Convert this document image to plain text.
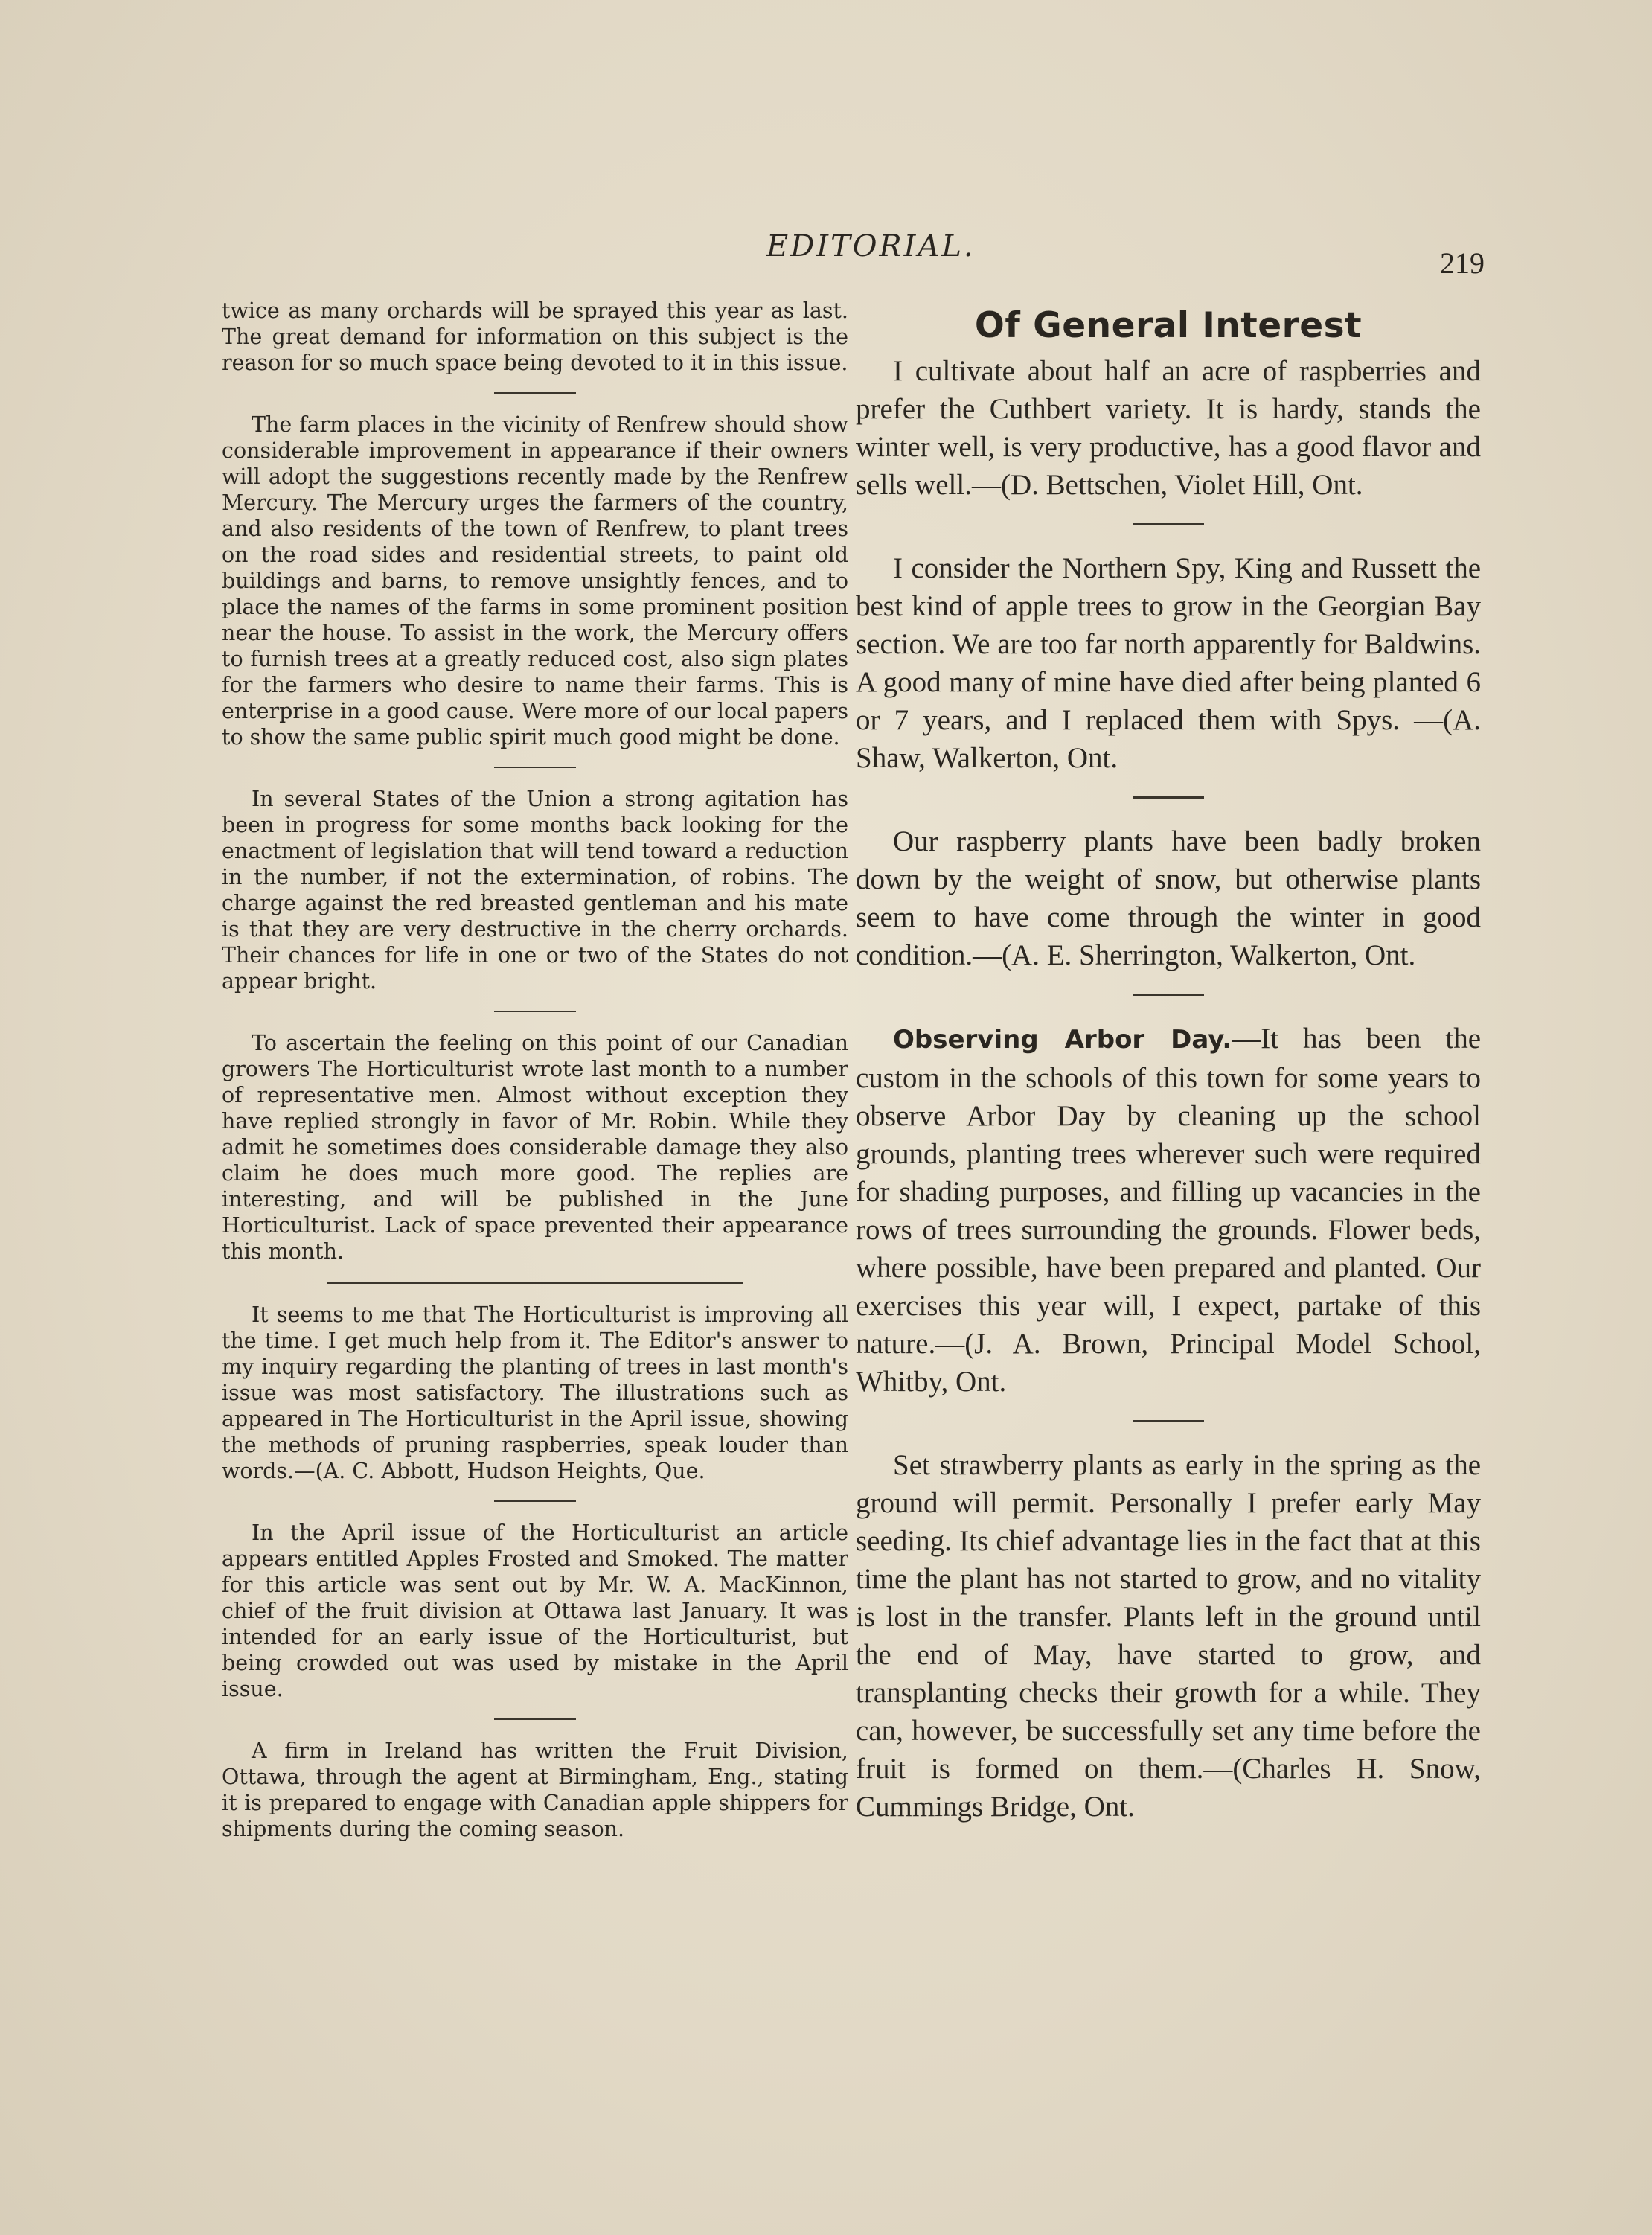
EDITORIAL.	219

twice as many orchards will be sprayed this year as last. The great demand for information on this subject is the reason for so much space being devoted to it in this issue.

The farm places in the vicinity of Renfrew should show considerable improvement in appearance if their owners will adopt the suggestions recently made by the Renfrew Mercury. The Mercury urges the farmers of the country, and also residents of the town of Renfrew, to plant trees on the road sides and residential streets, to paint old buildings and barns, to remove unsightly fences, and to place the names of the farms in some prominent position near the house. To assist in the work, the Mercury offers to furnish trees at a greatly reduced cost, also sign plates for the farmers who desire to name their farms. This is enterprise in a good cause. Were more of our local papers to show the same public spirit much good might be done.

In several States of the Union a strong agitation has been in progress for some months back looking for the enactment of legislation that will tend toward a reduction in the number, if not the extermination, of robins. The charge against the red breasted gentleman and his mate is that they are very destructive in the cherry orchards. Their chances for life in one or two of the States do not appear bright.

To ascertain the feeling on this point of our Canadian growers The Horticulturist wrote last month to a number of representative men. Almost without exception they have replied strongly in favor of Mr. Robin. While they admit he sometimes does considerable damage they also claim he does much more good. The replies are interesting, and will be published in the June Horticulturist. Lack of space prevented their appearance this month.

It seems to me that The Horticulturist is improving all the time. I get much help from it. The Editor's answer to my inquiry regarding the planting of trees in last month's issue was most satisfactory. The illustrations such as appeared in The Horticulturist in the April issue, showing the methods of pruning raspberries, speak louder than words.—(A. C. Abbott, Hudson Heights, Que.

In the April issue of the Horticulturist an article appears entitled Apples Frosted and Smoked. The matter for this article was sent out by Mr. W. A. MacKinnon, chief of the fruit division at Ottawa last January. It was intended for an early issue of the Horticulturist, but being crowded out was used by mistake in the April issue.

A firm in Ireland has written the Fruit Division, Ottawa, through the agent at Birmingham, Eng., stating it is prepared to engage with Canadian apple shippers for shipments during the coming season.

Of General Interest

I cultivate about half an acre of raspberries and prefer the Cuthbert variety. It is hardy, stands the winter well, is very productive, has a good flavor and sells well.—(D. Bettschen, Violet Hill, Ont.

I consider the Northern Spy, King and Russett the best kind of apple trees to grow in the Georgian Bay section. We are too far north apparently for Baldwins. A good many of mine have died after being planted 6 or 7 years, and I replaced them with Spys. —(A. Shaw, Walkerton, Ont.

Our raspberry plants have been badly broken down by the weight of snow, but otherwise plants seem to have come through the winter in good condition.—(A. E. Sherrington, Walkerton, Ont.

Observing Arbor Day.—It has been the custom in the schools of this town for some years to observe Arbor Day by cleaning up the school grounds, planting trees wherever such were required for shading purposes, and filling up vacancies in the rows of trees surrounding the grounds. Flower beds, where possible, have been prepared and planted. Our exercises this year will, I expect, partake of this nature.—(J. A. Brown, Principal Model School, Whitby, Ont.

Set strawberry plants as early in the spring as the ground will permit. Personally I prefer early May seeding. Its chief advantage lies in the fact that at this time the plant has not started to grow, and no vitality is lost in the transfer. Plants left in the ground until the end of May, have started to grow, and transplanting checks their growth for a while. They can, however, be successfully set any time before the fruit is formed on them.—(Charles H. Snow, Cummings Bridge, Ont.
